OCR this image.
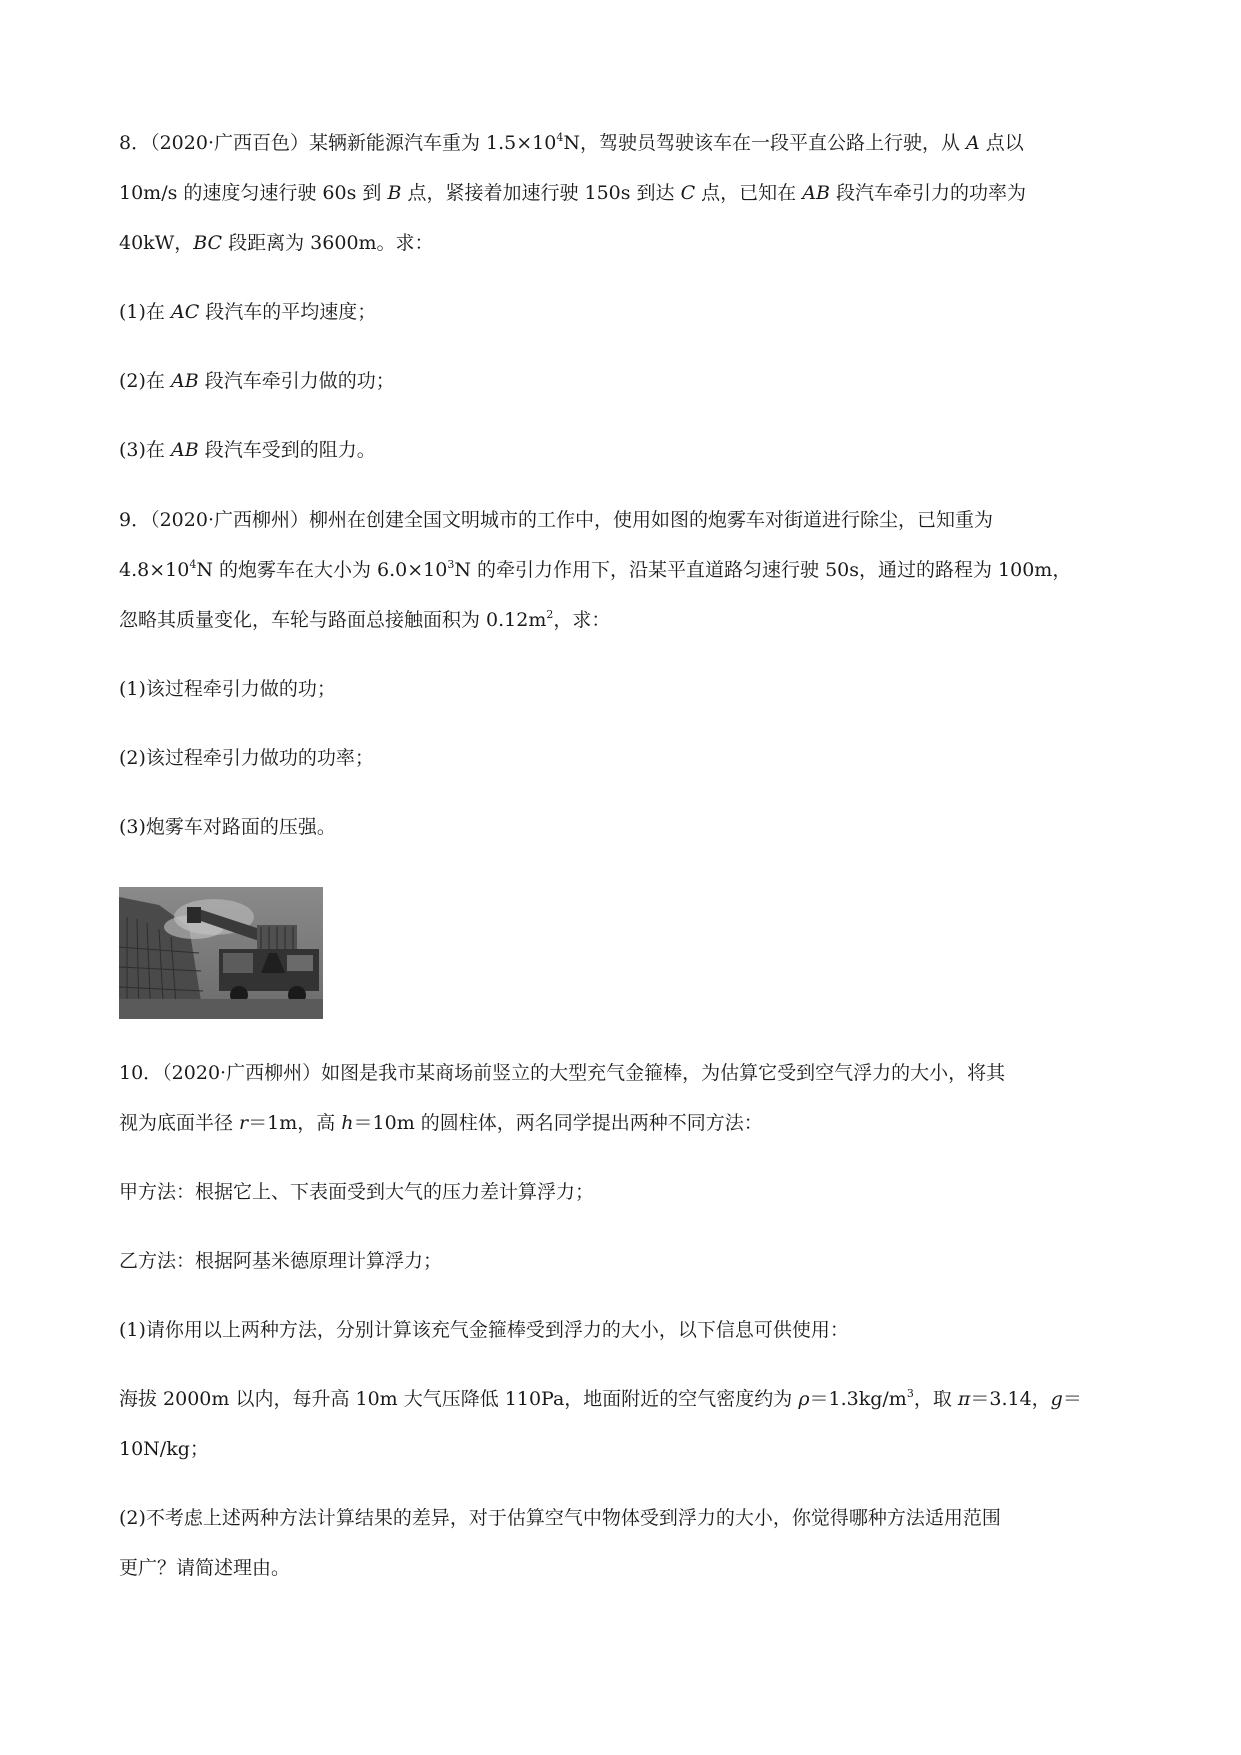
8．（2020·广西百色）某辆新能源汽车重为 $1.5\times 10^4N$，驾驶员驾驶该车在一段平直公路上行驶，从 A 点以
10m/s 的速度匀速行驶 60s 到 B 点，紧接着加速行驶 150s 到达 C 点，已知在 AB 段汽车牵引力的功率为
40kW，BC 段距离为 3600m。求：
(1)在 AC 段汽车的平均速度；
(2)在 AB 段汽车牵引力做的功；
(3)在 AB 段汽车受到的阻力。
9．（2020·广西柳州）柳州在创建全国文明城市的工作中，使用如图的炮雾车对街道进行除尘，已知重为
$4.8\times 10^4N$ 的炮雾车在大小为 $6.0\times 10^3N$ 的牵引力作用下，沿某平直道路匀速行驶 50s，通过的路程为 100m，
忽略其质量变化，车轮与路面总接触面积为 $0.12m^2$，求：
(1)该过程牵引力做的功；
(2)该过程牵引力做功的功率；
(3)炮雾车对路面的压强。
10．（2020·广西柳州）如图是我市某商场前竖立的大型充气金箍棒，为估算它受到空气浮力的大小，将其
视为底面半径 r＝1m，高 h＝10m 的圆柱体，两名同学提出两种不同方法：
甲方法：根据它上、下表面受到大气的压力差计算浮力；
乙方法：根据阿基米德原理计算浮力；
(1)请你用以上两种方法，分别计算该充气金箍棒受到浮力的大小，以下信息可供使用：
海拔 2000m 以内，每升高 10m 大气压降低 110Pa，地面附近的空气密度约为 $\rho=1.3kg/m^3$，取 π＝3.14，g＝
10N/kg；
(2)不考虑上述两种方法计算结果的差异，对于估算空气中物体受到浮力的大小，你觉得哪种方法适用范围
更广？请简述理由。
